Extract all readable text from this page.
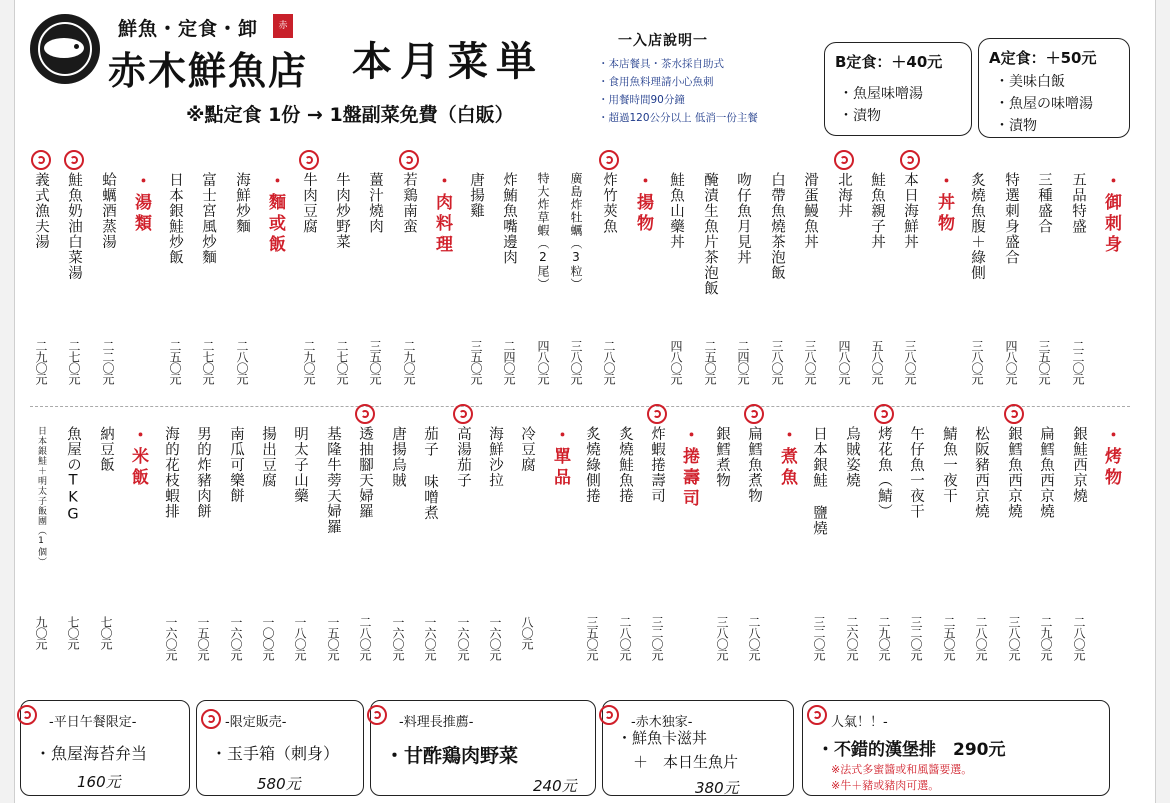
鮮魚・定食・卸	赤
赤木鮮魚店 本月菜単
※點定食 1份 → 1盤副菜免費（白販）
一入店說明一
・本店餐具・茶水採自助式
・食用魚料理請小心魚刺
・用餐時間90分鐘
・超過120公分以上 低消一份主餐
B定食：＋40元
・魚屋味噌湯
・漬物
A定食：＋50元
・美味白飯
・魚屋の味噌湯
・漬物
・御刺身
二二〇元
五品特盛
三五〇元
三種盛合
四八〇元
特選刺身盛合
三八〇元
炙燒魚腹＋綠側
・丼物
三八〇元
本日海鮮丼
五八〇元
鮭魚親子丼
四八〇元
北海丼
三八〇元
滑蛋鰻魚丼
三八〇元
白帶魚燒茶泡飯
二四〇元
吻仔魚月見丼
二五〇元
醃漬生魚片茶泡飯
四八〇元
鮭魚山藥丼
・揚物
二八〇元
炸竹莢魚
三八〇元
廣島炸牡蠣（3粒）
四八〇元
特大炸草蝦（2尾）
二四〇元
炸鮪魚嘴邊肉
三五〇元
唐揚雞
・肉料理
二九〇元
若鶏南蛮
三五〇元
薑汁燒肉
二七〇元
牛肉炒野菜
二九〇元
牛肉豆腐
・麵或飯
二八〇元
海鮮炒麵
二七〇元
富士宮風炒麵
二五〇元
日本銀鮭炒飯
・湯類
二二〇元
蛤蠣酒蒸湯
二七〇元
鮭魚奶油白菜湯
二九〇元
義式漁夫湯
・烤物
二八〇元
銀鮭西京燒
二九〇元
扁鱈魚西京燒
三八〇元
銀鱈魚西京燒
二八〇元
松阪豬西京燒
二五〇元
鯖魚一夜干
三二〇元
午仔魚一夜干
二九〇元
烤花魚（鯖）
二六〇元
烏賊姿燒
三二〇元
日本銀鮭 鹽燒
・煮魚
二八〇元
扁鱈魚煮物
三八〇元
銀鱈煮物
・捲壽司
三二〇元
炸蝦捲壽司
二八〇元
炙燒鮭魚捲
三五〇元
炙燒綠側捲
・單品
八〇元
冷豆腐
一六〇元
海鮮沙拉
一六〇元
高湯茄子
一六〇元
茄子 味噌煮
一六〇元
唐揚烏賊
二八〇元
透抽腳天婦羅
一五〇元
基隆牛蒡天婦羅
一八〇元
明太子山藥
一〇〇元
揚出豆腐
一六〇元
南瓜可樂餅
一五〇元
男的炸豬肉餅
一六〇元
海的花枝蝦排
・米飯
七〇元
納豆飯
七〇元
魚屋のTKG
九〇元
日本銀鮭＋明太子飯團（1個）
-平日午餐限定-
・魚屋海苔弁当
160元
-限定販売-
・玉手箱（刺身）
580元
-料理長推薦-
・甘酢鶏肉野菜
240元
-赤木独家-
・鮮魚卡滋丼
＋　本日生魚片
380元
人氣！！-
・不錯的漢堡排　290元
※法式多蜜醬或和風醬要選。
※牛＋豬或豬肉可選。
